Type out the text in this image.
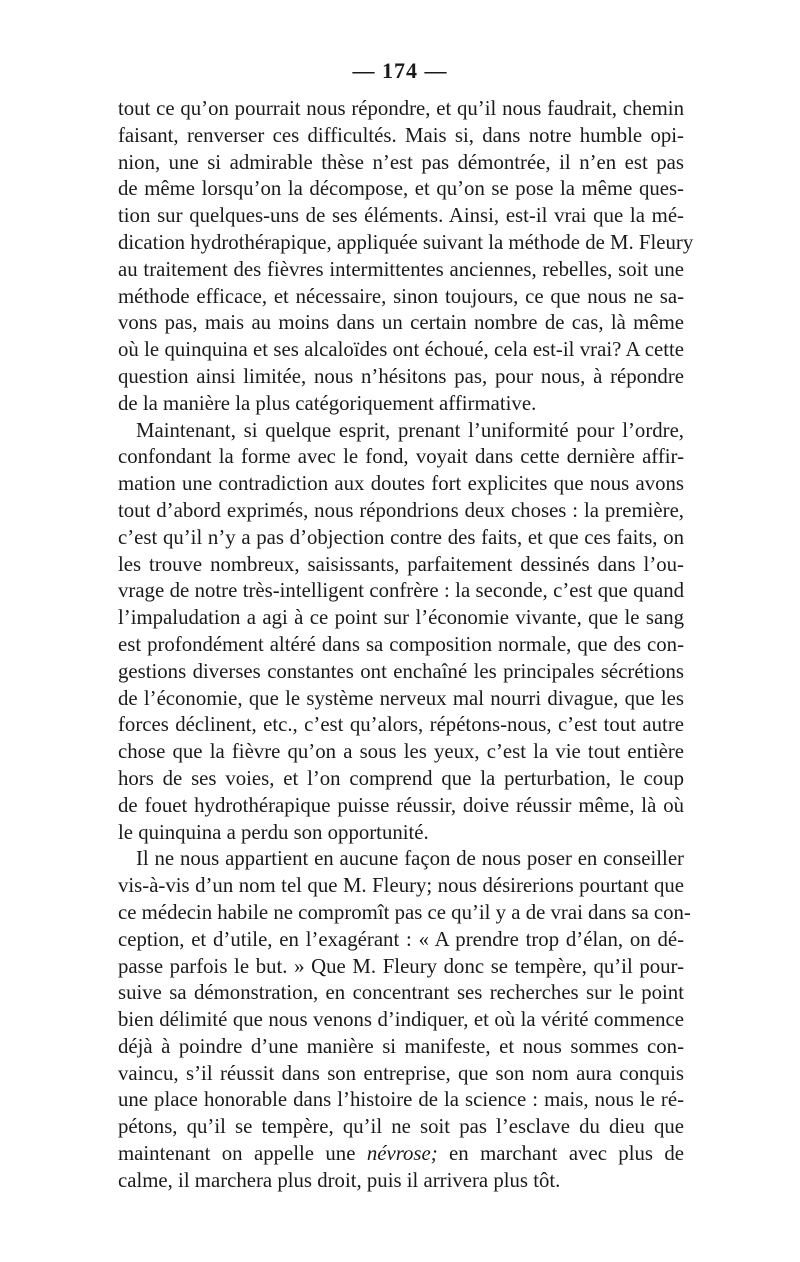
— 174 —
tout ce qu’on pourrait nous répondre, et qu’il nous faudrait, chemin
faisant, renverser ces difficultés. Mais si, dans notre humble opi-
nion, une si admirable thèse n’est pas démontrée, il n’en est pas
de même lorsqu’on la décompose, et qu’on se pose la même ques-
tion sur quelques-uns de ses éléments. Ainsi, est-il vrai que la mé-
dication hydrothérapique, appliquée suivant la méthode de M. Fleury
au traitement des fièvres intermittentes anciennes, rebelles, soit une
méthode efficace, et nécessaire, sinon toujours, ce que nous ne sa-
vons pas, mais au moins dans un certain nombre de cas, là même
où le quinquina et ses alcaloïdes ont échoué, cela est-il vrai? A cette
question ainsi limitée, nous n’hésitons pas, pour nous, à répondre
de la manière la plus catégoriquement affirmative.
Maintenant, si quelque esprit, prenant l’uniformité pour l’ordre,
confondant la forme avec le fond, voyait dans cette dernière affir-
mation une contradiction aux doutes fort explicites que nous avons
tout d’abord exprimés, nous répondrions deux choses : la première,
c’est qu’il n’y a pas d’objection contre des faits, et que ces faits, on
les trouve nombreux, saisissants, parfaitement dessinés dans l’ou-
vrage de notre très-intelligent confrère : la seconde, c’est que quand
l’impaludation a agi à ce point sur l’économie vivante, que le sang
est profondément altéré dans sa composition normale, que des con-
gestions diverses constantes ont enchaîné les principales sécrétions
de l’économie, que le système nerveux mal nourri divague, que les
forces déclinent, etc., c’est qu’alors, répétons-nous, c’est tout autre
chose que la fièvre qu’on a sous les yeux, c’est la vie tout entière
hors de ses voies, et l’on comprend que la perturbation, le coup
de fouet hydrothérapique puisse réussir, doive réussir même, là où
le quinquina a perdu son opportunité.
Il ne nous appartient en aucune façon de nous poser en conseiller
vis-à-vis d’un nom tel que M. Fleury; nous désirerions pourtant que
ce médecin habile ne compromît pas ce qu’il y a de vrai dans sa con-
ception, et d’utile, en l’exagérant : « A prendre trop d’élan, on dé-
passe parfois le but. » Que M. Fleury donc se tempère, qu’il pour-
suive sa démonstration, en concentrant ses recherches sur le point
bien délimité que nous venons d’indiquer, et où la vérité commence
déjà à poindre d’une manière si manifeste, et nous sommes con-
vaincu, s’il réussit dans son entreprise, que son nom aura conquis
une place honorable dans l’histoire de la science : mais, nous le ré-
pétons, qu’il se tempère, qu’il ne soit pas l’esclave du dieu que
maintenant on appelle une névrose; en marchant avec plus de
calme, il marchera plus droit, puis il arrivera plus tôt.
